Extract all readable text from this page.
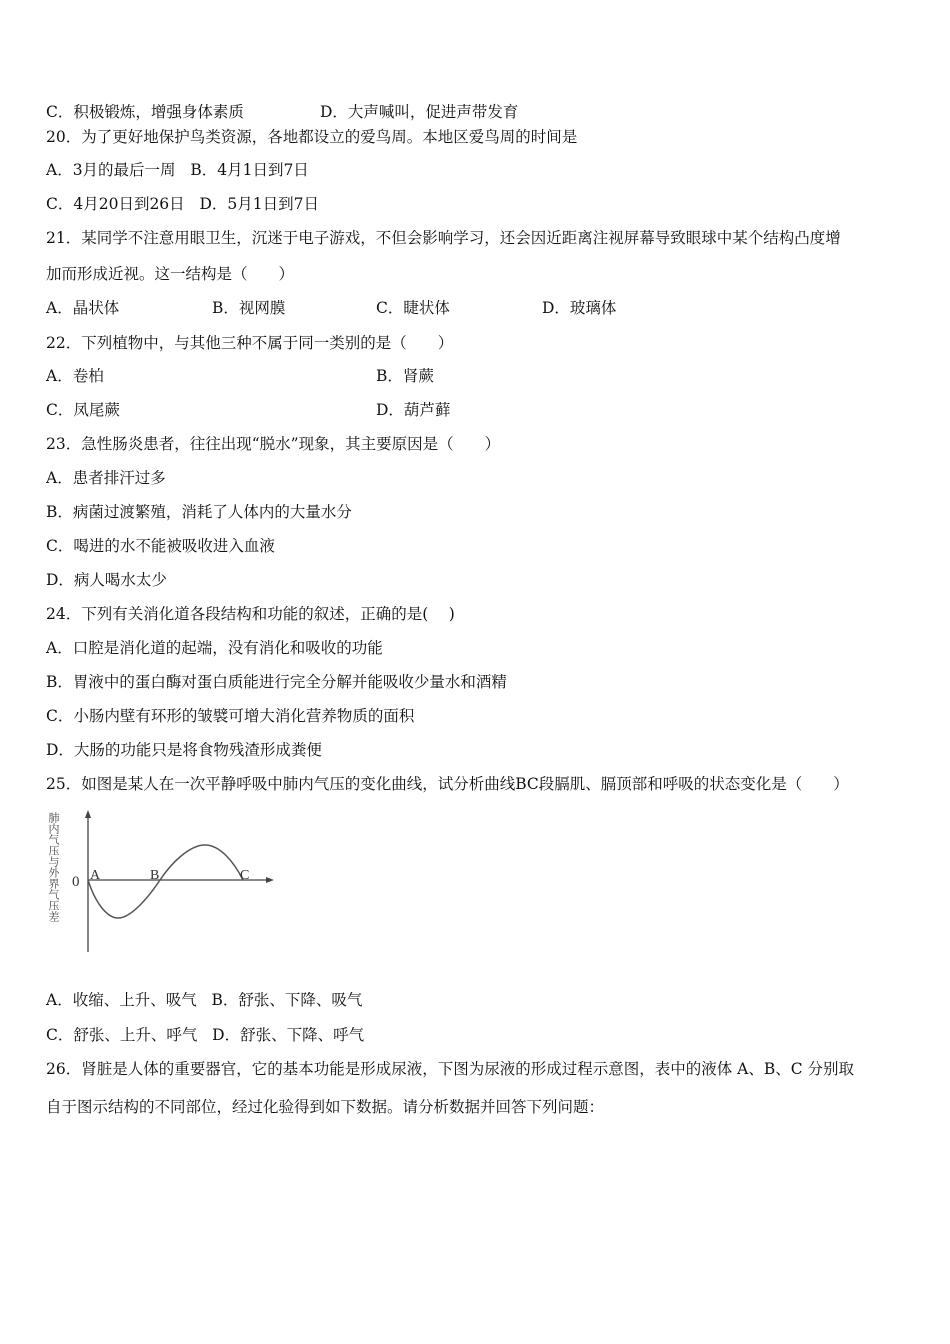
C．积极锻炼，增强身体素质	D．大声喊叫，促进声带发育
20．为了更好地保护鸟类资源，各地都设立的爱鸟周。本地区爱鸟周的时间是
A．3月的最后一周   B．4月1日到7日
C．4月20日到26日   D．5月1日到7日
21．某同学不注意用眼卫生，沉迷于电子游戏，不但会影响学习，还会因近距离注视屏幕导致眼球中某个结构凸度增
加而形成近视。这一结构是（　　）
A．晶状体	B．视网膜	C．睫状体	D．玻璃体
22．下列植物中，与其他三种不属于同一类别的是（　　）
A．卷柏	B．肾蕨
C．凤尾蕨	D．葫芦藓
23．急性肠炎患者，往往出现“脱水”现象，其主要原因是（　　）
A．患者排汗过多
B．病菌过渡繁殖，消耗了人体内的大量水分
C．喝进的水不能被吸收进入血液
D．病人喝水太少
24．下列有关消化道各段结构和功能的叙述，正确的是(　 )
A．口腔是消化道的起端，没有消化和吸收的功能
B．胃液中的蛋白酶对蛋白质能进行完全分解并能吸收少量水和酒精
C．小肠内壁有环形的皱襞可增大消化营养物质的面积
D．大肠的功能只是将食物残渣形成粪便
25．如图是某人在一次平静呼吸中肺内气压的变化曲线，试分析曲线BC段膈肌、膈顶部和呼吸的状态变化是（　　）
肺内气压与外界气压差 0 A	B	C
A．收缩、上升、吸气   B．舒张、下降、吸气
C．舒张、上升、呼气   D．舒张、下降、呼气
26．肾脏是人体的重要器官，它的基本功能是形成尿液，下图为尿液的形成过程示意图，表中的液体 A、B、C 分别取
自于图示结构的不同部位，经过化验得到如下数据。请分析数据并回答下列问题：
